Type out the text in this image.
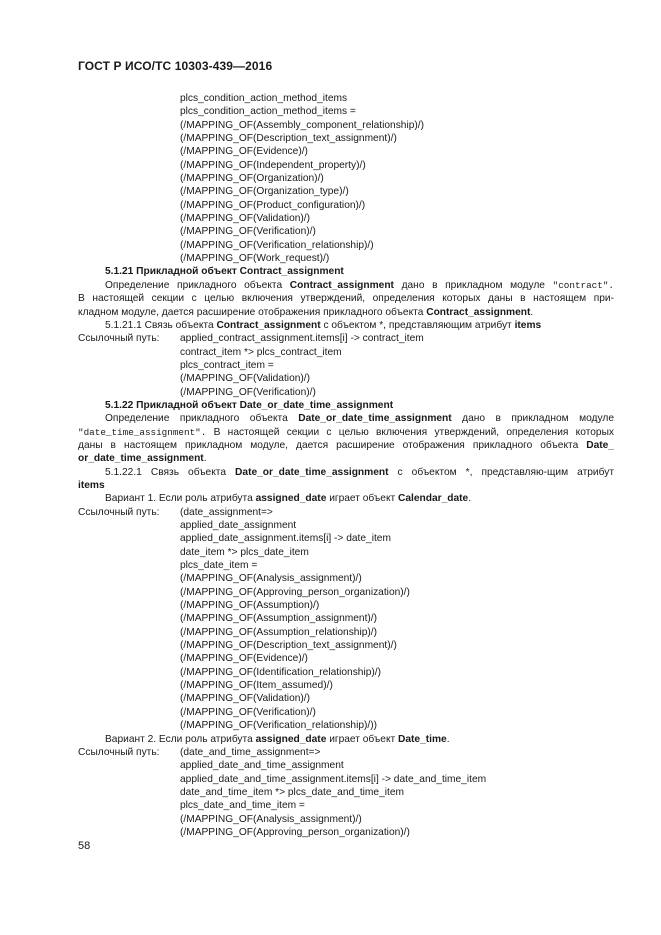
ГОСТ Р ИСО/ТС 10303-439—2016
plcs_condition_action_method_items
plcs_condition_action_method_items =
(/MAPPING_OF(Assembly_component_relationship)/)
(/MAPPING_OF(Description_text_assignment)/)
(/MAPPING_OF(Evidence)/)
(/MAPPING_OF(Independent_property)/)
(/MAPPING_OF(Organization)/)
(/MAPPING_OF(Organization_type)/)
(/MAPPING_OF(Product_configuration)/)
(/MAPPING_OF(Validation)/)
(/MAPPING_OF(Verification)/)
(/MAPPING_OF(Verification_relationship)/)
(/MAPPING_OF(Work_request)/)
5.1.21 Прикладной объект Contract_assignment
Определение прикладного объекта Contract_assignment дано в прикладном модуле "contract".
В настоящей секции с целью включения утверждений, определения которых даны в настоящем при-
кладном модуле, дается расширение отображения прикладного объекта Contract_assignment.
5.1.21.1 Связь объекта Contract_assignment с объектом *, представляющим атрибут items
Ссылочный путь: applied_contract_assignment.items[i] -> contract_item
contract_item *> plcs_contract_item
plcs_contract_item =
(/MAPPING_OF(Validation)/)
(/MAPPING_OF(Verification)/)
5.1.22 Прикладной объект Date_or_date_time_assignment
Определение прикладного объекта Date_or_date_time_assignment дано в прикладном модуле
"date_time_assignment". В настоящей секции с целью включения утверждений, определения которых
даны в настоящем прикладном модуле, дается расширение отображения прикладного объекта Date_
or_date_time_assignment.
5.1.22.1 Связь объекта Date_or_date_time_assignment с объектом *, представляю-щим атрибут
items
Вариант 1. Если роль атрибута assigned_date играет объект Calendar_date.
Ссылочный путь: (date_assignment=>
applied_date_assignment
applied_date_assignment.items[i] -> date_item
date_item *> plcs_date_item
plcs_date_item =
(/MAPPING_OF(Analysis_assignment)/)
(/MAPPING_OF(Approving_person_organization)/)
(/MAPPING_OF(Assumption)/)
(/MAPPING_OF(Assumption_assignment)/)
(/MAPPING_OF(Assumption_relationship)/)
(/MAPPING_OF(Description_text_assignment)/)
(/MAPPING_OF(Evidence)/)
(/MAPPING_OF(Identification_relationship)/)
(/MAPPING_OF(Item_assumed)/)
(/MAPPING_OF(Validation)/)
(/MAPPING_OF(Verification)/)
(/MAPPING_OF(Verification_relationship)/))
Вариант 2. Если роль атрибута assigned_date играет объект Date_time.
Ссылочный путь: (date_and_time_assignment=>
applied_date_and_time_assignment
applied_date_and_time_assignment.items[i] -> date_and_time_item
date_and_time_item *> plcs_date_and_time_item
plcs_date_and_time_item =
(/MAPPING_OF(Analysis_assignment)/)
(/MAPPING_OF(Approving_person_organization)/)
58
